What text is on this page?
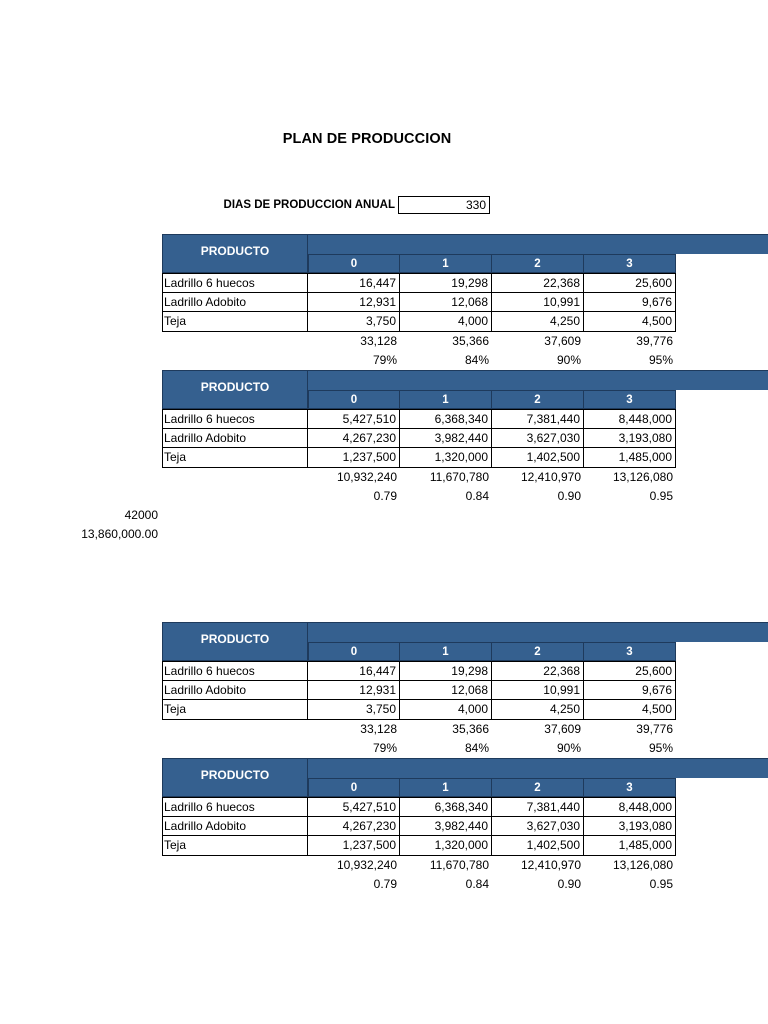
PLAN DE PRODUCCION
DIAS DE PRODUCCION ANUAL	330
PRODUCTO
0	1	2	3
Ladrillo 6 huecos	16,447	19,298	22,368	25,600
Ladrillo Adobito	12,931	12,068	10,991	9,676
Teja	3,750	4,000	4,250	4,500
33,128	35,366	37,609	39,776
79%	84%	90%	95%
PRODUCTO
0	1	2	3
Ladrillo 6 huecos	5,427,510	6,368,340	7,381,440	8,448,000
Ladrillo Adobito	4,267,230	3,982,440	3,627,030	3,193,080
Teja	1,237,500	1,320,000	1,402,500	1,485,000
10,932,240	11,670,780	12,410,970	13,126,080
0.79	0.84	0.90	0.95
42000
13,860,000.00
PRODUCTO
0	1	2	3
Ladrillo 6 huecos	16,447	19,298	22,368	25,600
Ladrillo Adobito	12,931	12,068	10,991	9,676
Teja	3,750	4,000	4,250	4,500
33,128	35,366	37,609	39,776
79%	84%	90%	95%
PRODUCTO
0	1	2	3
Ladrillo 6 huecos	5,427,510	6,368,340	7,381,440	8,448,000
Ladrillo Adobito	4,267,230	3,982,440	3,627,030	3,193,080
Teja	1,237,500	1,320,000	1,402,500	1,485,000
10,932,240	11,670,780	12,410,970	13,126,080
0.79	0.84	0.90	0.95
